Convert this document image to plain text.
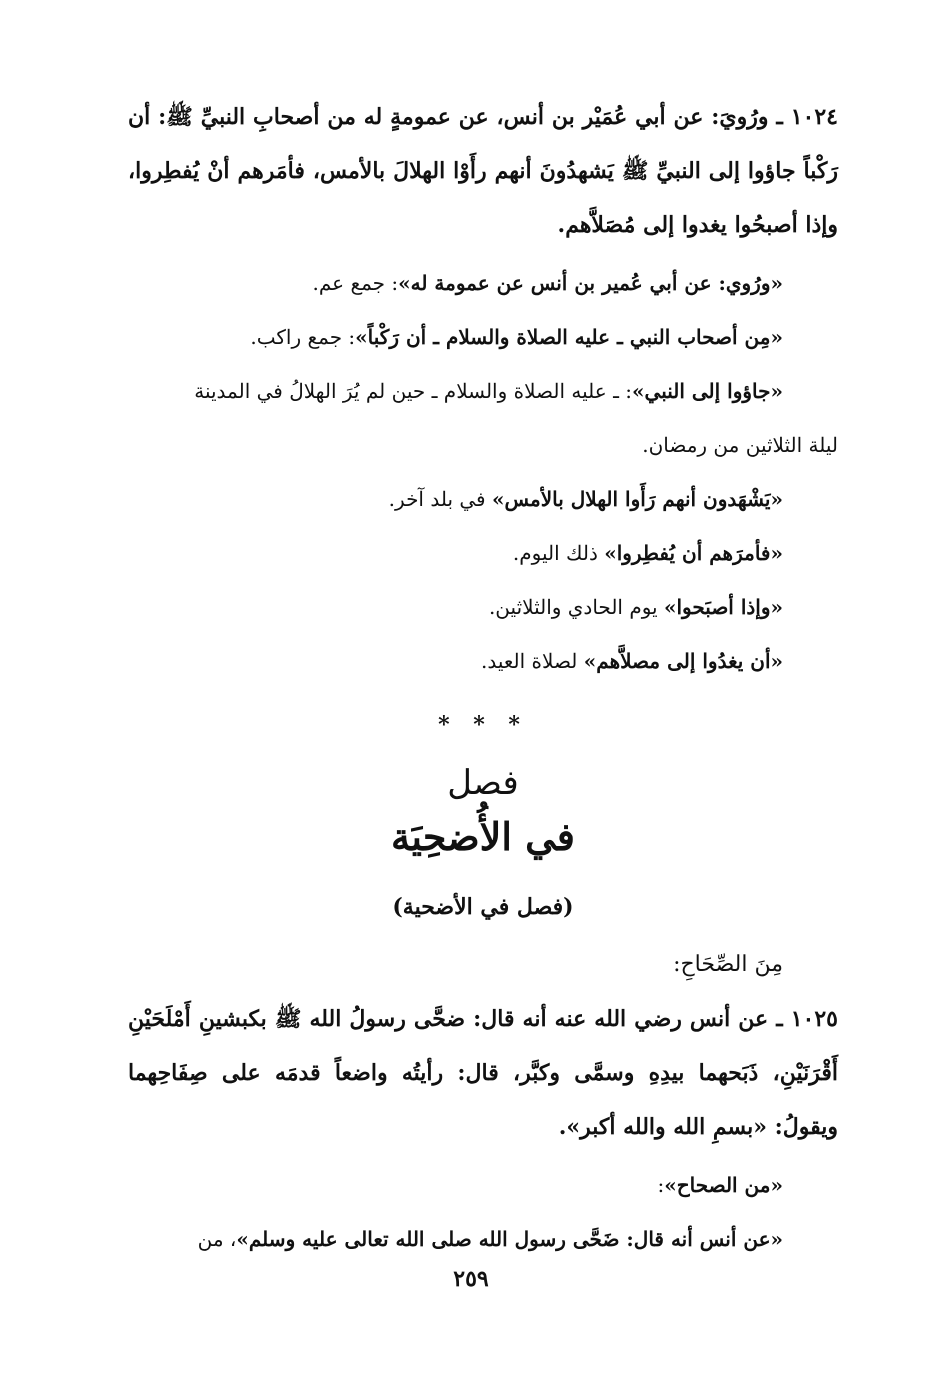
١٠٢٤ ـ ورُويَ: عن أبي عُمَيْر بن أنس، عن عمومةٍ له من أصحابِ النبيِّ ﷺ: أن رَكْباً جاؤوا إلى النبيِّ ﷺ يَشهدُونَ أنهم رأَوْا الهلالَ بالأمس، فأمَرهم أنْ يُفطِروا، وإذا أصبحُوا يغدوا إلى مُصَلاَّهم.

«ورُوي: عن أبي عُمير بن أنس عن عمومة له»: جمع عم.

«مِن أصحاب النبي ـ عليه الصلاة والسلام ـ أن رَكْباً»: جمع راكب.

«جاؤوا إلى النبي»: ـ عليه الصلاة والسلام ـ حين لم يُرَ الهلالُ في المدينة
ليلة الثلاثين من رمضان.

«يَشْهَدون أنهم رَأَوا الهلال بالأمس» في بلد آخر.

«فأمرَهم أن يُفطِروا» ذلك اليوم.

«وإذا أصبَحوا» يوم الحادي والثلاثين.

«أن يغدُوا إلى مصلاَّهم» لصلاة العيد.

* * *
فصل
في الأُضحِيَة
(فصل في الأضحية)

مِنَ الصِّحَاحِ:

١٠٢٥ ـ عن أنس رضي الله عنه أنه قال: ضحَّى رسولُ الله ﷺ بكبشينِ أَمْلَحَيْنِ أَقْرَنَيْنِ، ذَبَحهما بيدِهِ وسمَّى وكبَّر، قال: رأيتُه واضعاً قدمَه على صِفَاحِهما ويقولُ: «بسمِ الله والله أكبر».

«من الصحاح»:

«عن أنس أنه قال: ضَحَّى رسول الله صلى الله تعالى عليه وسلم»، من

٢٥٩
